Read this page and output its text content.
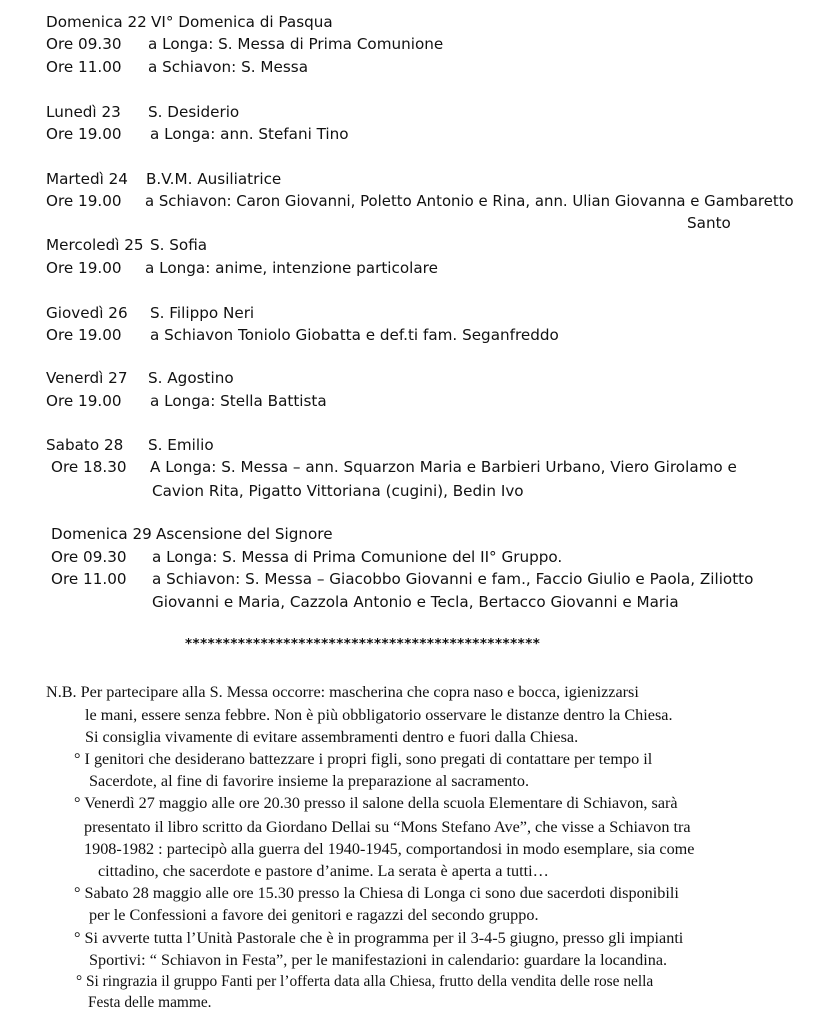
Domenica 22 VI° Domenica di Pasqua
Ore 09.30 a Longa: S. Messa di Prima Comunione
Ore 11.00 a Schiavon: S. Messa
Lunedì 23 S. Desiderio
Ore 19.00 a Longa: ann. Stefani Tino
Martedì 24 B.V.M. Ausiliatrice
Ore 19.00 a Schiavon: Caron Giovanni, Poletto Antonio e Rina, ann. Ulian Giovanna e Gambaretto
Santo
Mercoledì 25 S. Sofia
Ore 19.00 a Longa: anime, intenzione particolare
Giovedì 26 S. Filippo Neri
Ore 19.00 a Schiavon Toniolo Giobatta e def.ti fam. Seganfreddo
Venerdì 27 S. Agostino
Ore 19.00 a Longa: Stella Battista
Sabato 28 S. Emilio
Ore 18.30 A Longa: S. Messa – ann. Squarzon Maria e Barbieri Urbano, Viero Girolamo e
Cavion Rita, Pigatto Vittoriana (cugini), Bedin Ivo
Domenica 29 Ascensione del Signore
Ore 09.30 a Longa: S. Messa di Prima Comunione del II° Gruppo.
Ore 11.00 a Schiavon: S. Messa – Giacobbo Giovanni e fam., Faccio Giulio e Paola, Ziliotto
Giovanni e Maria, Cazzola Antonio e Tecla, Bertacco Giovanni e Maria
***********************************************
N.B. Per partecipare alla S. Messa occorre: mascherina che copra naso e bocca, igienizzarsi
le mani, essere senza febbre. Non è più obbligatorio osservare le distanze dentro la Chiesa.
Si consiglia vivamente di evitare assembramenti dentro e fuori dalla Chiesa.
° I genitori che desiderano battezzare i propri figli, sono pregati di contattare per tempo il
Sacerdote, al fine di favorire insieme la preparazione al sacramento.
° Venerdì 27 maggio alle ore 20.30 presso il salone della scuola Elementare di Schiavon, sarà
presentato il libro scritto da Giordano Dellai su “Mons Stefano Ave”, che visse a Schiavon tra
1908-1982 : partecipò alla guerra del 1940-1945, comportandosi in modo esemplare, sia come
cittadino, che sacerdote e pastore d’anime. La serata è aperta a tutti…
° Sabato 28 maggio alle ore 15.30 presso la Chiesa di Longa ci sono due sacerdoti disponibili
per le Confessioni a favore dei genitori e ragazzi del secondo gruppo.
° Si avverte tutta l’Unità Pastorale che è in programma per il 3-4-5 giugno, presso gli impianti
Sportivi: “ Schiavon in Festa”, per le manifestazioni in calendario: guardare la locandina.
° Si ringrazia il gruppo Fanti per l’offerta data alla Chiesa, frutto della vendita delle rose nella
Festa delle mamme.
